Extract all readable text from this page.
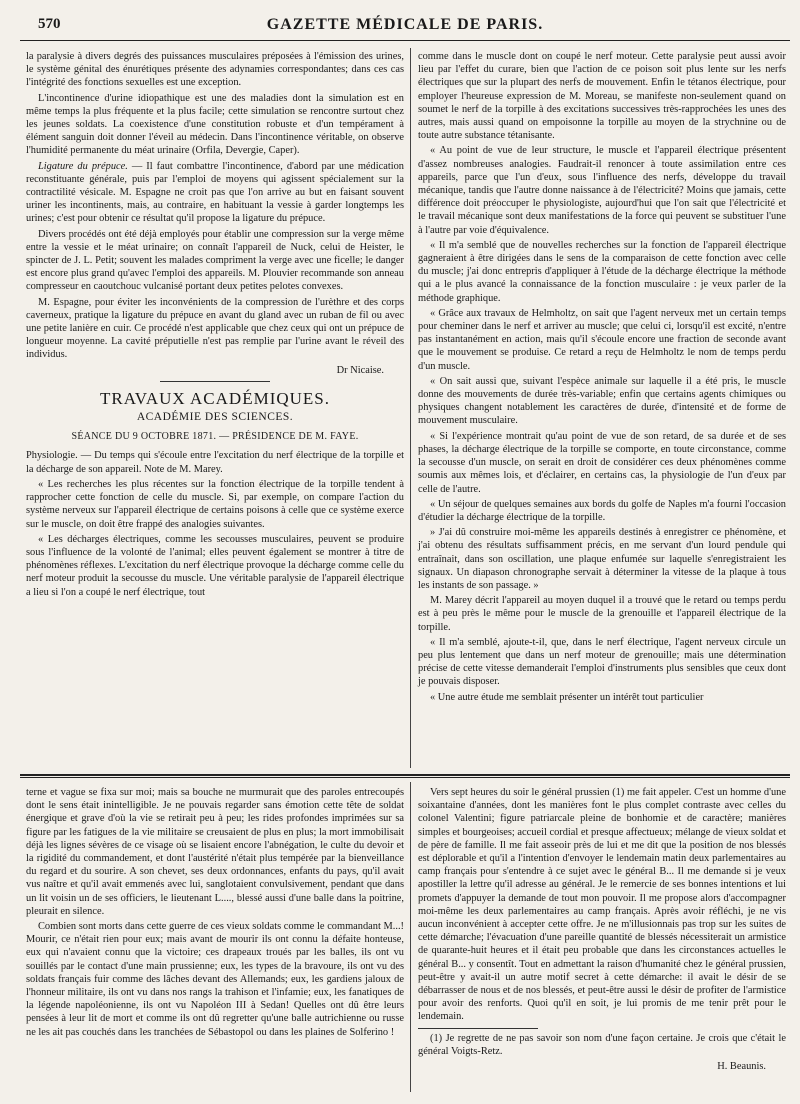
570	GAZETTE MÉDICALE DE PARIS.

la paralysie à divers degrés des puissances musculaires préposées à l'émission des urines, le système génital des énurétiques présente des adynamies correspondantes; dans ces cas l'intégrité des fonctions sexuelles est une exception.

L'incontinence d'urine idiopathique est une des maladies dont la simulation est en même temps la plus fréquente et la plus facile; cette simulation se rencontre surtout chez les jeunes soldats. La coexistence d'une constitution robuste et d'un tempérament à élément sanguin doit donner l'éveil au médecin. Dans l'incontinence véritable, on observe l'humidité permanente du méat urinaire (Orfila, Devergie, Caper).

Ligature du prépuce. — Il faut combattre l'incontinence, d'abord par une médication reconstituante générale, puis par l'emploi de moyens qui agissent spécialement sur la contractilité vésicale. M. Espagne ne croit pas que l'on arrive au but en faisant souvent uriner les incontinents, mais, au contraire, en habituant la vessie à garder longtemps les urines; c'est pour obtenir ce résultat qu'il propose la ligature du prépuce.

Divers procédés ont été déjà employés pour établir une compression sur la verge même entre la vessie et le méat urinaire; on connaît l'appareil de Nuck, celui de Heister, le spincter de J. L. Petit; souvent les malades compriment la verge avec une ficelle; le danger est encore plus grand qu'avec l'emploi des appareils. M. Plouvier recommande son anneau compresseur en caoutchouc vulcanisé portant deux petites pelotes convexes.

M. Espagne, pour éviter les inconvénients de la compression de l'urèthre et des corps caverneux, pratique la ligature du prépuce en avant du gland avec un ruban de fil ou avec une petite lanière en cuir. Ce procédé n'est applicable que chez ceux qui ont un prépuce de longueur moyenne. La cavité préputielle n'est pas remplie par l'urine avant le réveil des individus.

Dr Nicaise.
TRAVAUX ACADÉMIQUES.
ACADÉMIE DES SCIENCES.
SÉANCE DU 9 OCTOBRE 1871. — PRÉSIDENCE DE M. FAYE.

Physiologie. — Du temps qui s'écoule entre l'excitation du nerf électrique de la torpille et la décharge de son appareil. Note de M. Marey.

« Les recherches les plus récentes sur la fonction électrique de la torpille tendent à rapprocher cette fonction de celle du muscle. Si, par exemple, on compare l'action du système nerveux sur l'appareil électrique de certains poisons à celle que ce système exerce sur le muscle, on doit être frappé des analogies suivantes.

« Les décharges électriques, comme les secousses musculaires, peuvent se produire sous l'influence de la volonté de l'animal; elles peuvent également se montrer à titre de phénomènes réflexes. L'excitation du nerf électrique provoque la décharge comme celle du nerf moteur produit la secousse du muscle. Une véritable paralysie de l'appareil électrique a lieu si l'on a coupé le nerf électrique, tout

comme dans le muscle dont on coupé le nerf moteur. Cette paralysie peut aussi avoir lieu par l'effet du curare, bien que l'action de ce poison soit plus lente sur les nerfs électriques que sur la plupart des nerfs de mouvement. Enfin le tétanos électrique, pour employer l'heureuse expression de M. Moreau, se manifeste non-seulement quand on soumet le nerf de la torpille à des excitations successives très-rapprochées les unes des autres, mais aussi quand on empoisonne la torpille au moyen de la strychnine ou de toute autre substance tétanisante.

« Au point de vue de leur structure, le muscle et l'appareil électrique présentent d'assez nombreuses analogies. Faudrait-il renoncer à toute assimilation entre ces appareils, parce que l'un d'eux, sous l'influence des nerfs, développe du travail mécanique, tandis que l'autre donne naissance à de l'électricité? Moins que jamais, cette différence doit préoccuper le physiologiste, aujourd'hui que l'on sait que l'électricité et le travail mécanique sont deux manifestations de la force qui peuvent se substituer l'une à l'autre par voie d'équivalence.

« Il m'a semblé que de nouvelles recherches sur la fonction de l'appareil électrique gagneraient à être dirigées dans le sens de la comparaison de cette fonction avec celle du muscle; j'ai donc entrepris d'appliquer à l'étude de la décharge électrique la méthode qui a le plus avancé la connaissance de la fonction musculaire : je veux parler de la méthode graphique.

« Grâce aux travaux de Helmholtz, on sait que l'agent nerveux met un certain temps pour cheminer dans le nerf et arriver au muscle; que celui ci, lorsqu'il est excité, n'entre pas instantanément en action, mais qu'il s'écoule encore une fraction de seconde avant que le mouvement se produise. Ce retard a reçu de Helmholtz le nom de temps perdu d'un muscle.

« On sait aussi que, suivant l'espèce animale sur laquelle il a été pris, le muscle donne des mouvements de durée très-variable; enfin que certains agents chimiques ou physiques changent notablement les caractères de durée, d'intensité et de forme de mouvement musculaire.

« Si l'expérience montrait qu'au point de vue de son retard, de sa durée et de ses phases, la décharge électrique de la torpille se comporte, en toute circonstance, comme la secousse d'un muscle, on serait en droit de considérer ces deux phénomènes comme soumis aux mêmes lois, et d'éclairer, en certains cas, la physiologie de l'un d'eux par celle de l'autre.

« Un séjour de quelques semaines aux bords du golfe de Naples m'a fourni l'occasion d'étudier la décharge électrique de la torpille.

» J'ai dû construire moi-même les appareils destinés à enregistrer ce phénomène, et j'ai obtenu des résultats suffisamment précis, en me servant d'un lourd pendule qui entraînait, dans son oscillation, une plaque enfumée sur laquelle s'enregistraient les signaux. Un diapason chronographe servait à déterminer la vitesse de la plaque à tous les instants de son passage. »

M. Marey décrit l'appareil au moyen duquel il a trouvé que le retard ou temps perdu est à peu près le même pour le muscle de la grenouille et l'appareil électrique de la torpille.

« Il m'a semblé, ajoute-t-il, que, dans le nerf électrique, l'agent nerveux circule un peu plus lentement que dans un nerf moteur de grenouille; mais une détermination précise de cette vitesse demanderait l'emploi d'instruments plus sensibles que ceux dont je pouvais disposer.

« Une autre étude me semblait présenter un intérêt tout particulier

terne et vague se fixa sur moi; mais sa bouche ne murmurait que des paroles entrecoupés dont le sens était inintelligible. Je ne pouvais regarder sans émotion cette tête de soldat énergique et grave d'où la vie se retirait peu à peu; les rides profondes imprimées sur sa figure par les fatigues de la vie militaire se creusaient de plus en plus; la mort immobilisait déjà les lignes sévères de ce visage où se lisaient encore l'abnégation, le culte du devoir et la rigidité du commandement, et dont l'austérité n'était plus tempérée par la bienveillance du regard et du sourire. A son chevet, ses deux ordonnances, enfants du pays, qu'il avait vus naître et qu'il avait emmenés avec lui, sanglotaient convulsivement, pendant que dans un lit voisin un de ses officiers, le lieutenant L...., blessé aussi d'une balle dans la poitrine, pleurait en silence.

Combien sont morts dans cette guerre de ces vieux soldats comme le commandant M...! Mourir, ce n'était rien pour eux; mais avant de mourir ils ont connu la défaite honteuse, eux qui n'avaient connu que la victoire; ces drapeaux troués par les balles, ils ont vu souillés par le contact d'une main prussienne; eux, les types de la bravoure, ils ont vu des soldats français fuir comme des lâches devant des Allemands; eux, les gardiens jaloux de l'honneur militaire, ils ont vu dans nos rangs la trahison et l'infamie; eux, les fanatiques de la légende napoléonienne, ils ont vu Napoléon III à Sedan! Quelles ont dû être leurs pensées à leur lit de mort et comme ils ont dû regretter qu'une balle autrichienne ou russe ne les ait pas couchés dans les tranchées de Sébastopol ou dans les plaines de Solferino !

Vers sept heures du soir le général prussien (1) me fait appeler. C'est un homme d'une soixantaine d'années, dont les manières font le plus complet contraste avec celles du colonel Valentini; figure patriarcale pleine de bonhomie et de caractère; manières simples et bourgeoises; accueil cordial et presque affectueux; mélange de vieux soldat et de père de famille. Il me fait asseoir près de lui et me dit que la position de nos blessés est déplorable et qu'il a l'intention d'envoyer le lendemain matin deux parlementaires au camp français pour s'entendre à ce sujet avec le général B... Il me demande si je veux apostiller la lettre qu'il adresse au général. Je le remercie de ses bonnes intentions et lui promets d'appuyer la demande de tout mon pouvoir. Il me propose alors d'accompagner moi-même les deux parlementaires au camp français. Après avoir réfléchi, je ne vis aucun inconvénient à accepter cette offre. Je ne m'illusionnais pas trop sur les suites de cette démarche; l'évacuation d'une pareille quantité de blessés nécessiterait un armistice de quarante-huit heures et il était peu probable que dans les circonstances actuelles le général B... y consentît. Tout en admettant la raison d'humanité chez le général prussien, peut-être y avait-il un autre motif secret à cette démarche: il avait le désir de se débarrasser de nous et de nos blessés, et peut-être aussi le désir de profiter de l'armistice pour avoir des renforts. Quoi qu'il en soit, je lui promis de me tenir prêt pour le lendemain.

(1) Je regrette de ne pas savoir son nom d'une façon certaine. Je crois que c'était le général Voigts-Retz.

H. Beaunis.
